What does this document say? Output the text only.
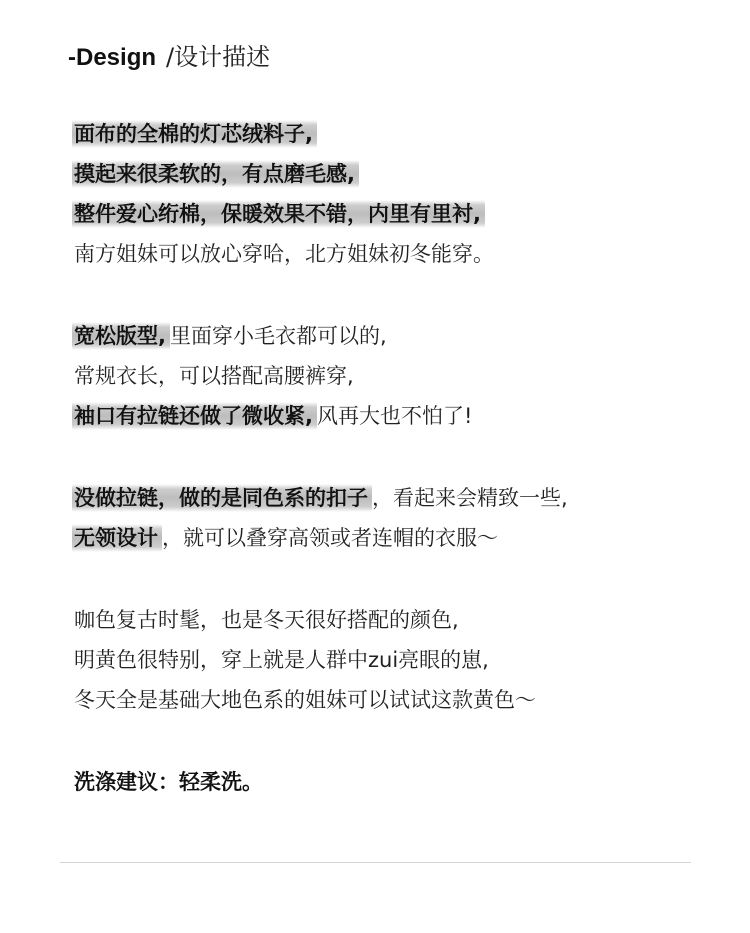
-Design /设计描述
面布的全棉的灯芯绒料子,
摸起来很柔软的，有点磨毛感,
整件爱心绗棉，保暖效果不错，内里有里衬,
南方姐妹可以放心穿哈，北方姐妹初冬能穿。
宽松版型, 里面穿小毛衣都可以的,
常规衣长，可以搭配高腰裤穿,
袖口有拉链还做了微收紧, 风再大也不怕了!
没做拉链，做的是同色系的扣子 ，看起来会精致一些,
无领设计 ，就可以叠穿高领或者连帽的衣服～
咖色复古时髦，也是冬天很好搭配的颜色,
明黄色很特别，穿上就是人群中zui亮眼的崽,
冬天全是基础大地色系的姐妹可以试试这款黄色～
洗涤建议：轻柔洗。
